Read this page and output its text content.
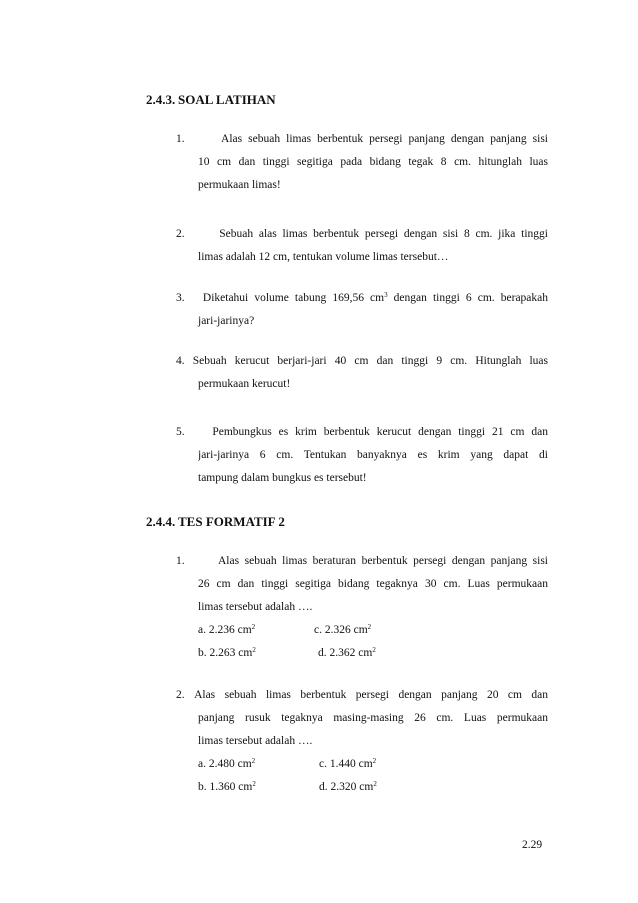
2.4.3. SOAL LATIHAN
1.	Alas sebuah limas berbentuk persegi panjang dengan panjang sisi
10 cm dan tinggi segitiga pada bidang tegak 8 cm. hitunglah luas
permukaan limas!
2.	Sebuah alas limas berbentuk persegi dengan sisi 8 cm. jika tinggi
limas adalah 12 cm, tentukan volume limas tersebut…
3. Diketahui volume tabung 169,56 $cm^3$ dengan tinggi 6 cm. berapakah
jari-jarinya?
4. Sebuah kerucut berjari-jari 40 cm dan tinggi 9 cm. Hitunglah luas
permukaan kerucut!
5. Pembungkus es krim berbentuk kerucut dengan tinggi 21 cm dan
jari-jarinya 6 cm. Tentukan banyaknya es krim yang dapat di
tampung dalam bungkus es tersebut!
2.4.4. TES FORMATIF 2
1.	Alas sebuah limas beraturan berbentuk persegi dengan panjang sisi
26 cm dan tinggi segitiga bidang tegaknya 30 cm. Luas permukaan
limas tersebut adalah ….
a. 2.236 $cm^2$	c. 2.326 $cm^2$
b. 2.263 $cm^2$	d. 2.362 $cm^2$
2. Alas sebuah limas berbentuk persegi dengan panjang 20 cm dan
panjang rusuk tegaknya masing-masing 26 cm. Luas permukaan
limas tersebut adalah ….
a. 2.480 $cm^2$	c. 1.440 $cm^2$
b. 1.360 $cm^2$	d. 2.320 $cm^2$
2.29
